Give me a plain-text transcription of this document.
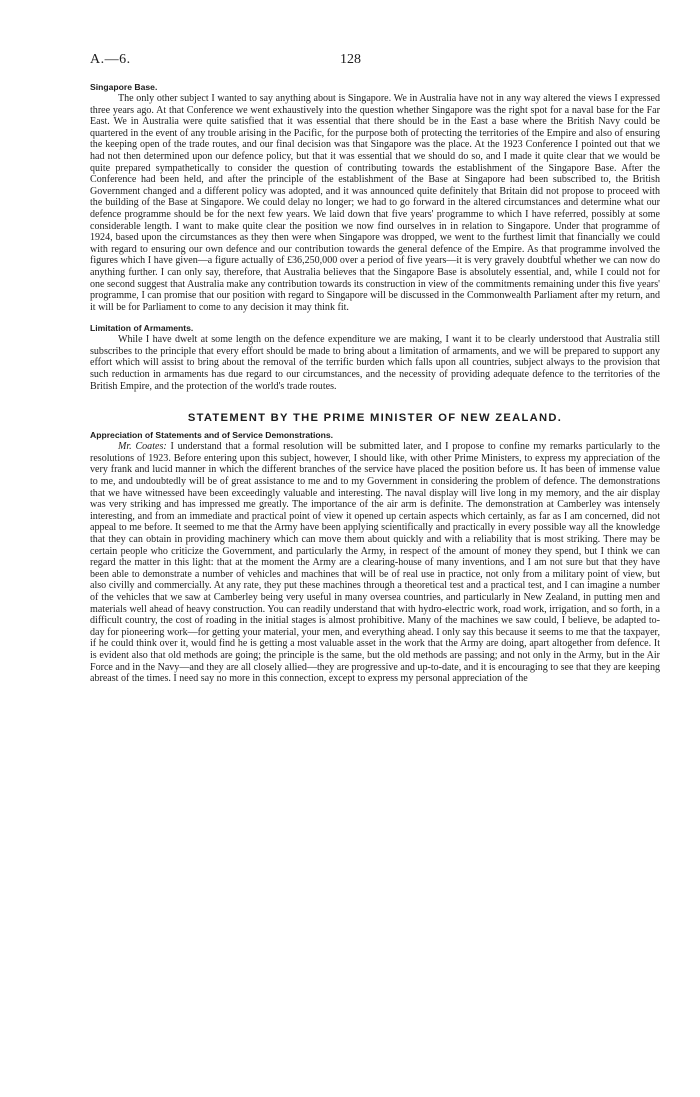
A.—6.	128
Singapore Base.

The only other subject I wanted to say anything about is Singapore. We in Australia have not in any way altered the views I expressed three years ago. At that Conference we went exhaustively into the question whether Singapore was the right spot for a naval base for the Far East. We in Australia were quite satisfied that it was essential that there should be in the East a base where the British Navy could be quartered in the event of any trouble arising in the Pacific, for the purpose both of protecting the territories of the Empire and also of ensuring the keeping open of the trade routes, and our final decision was that Singapore was the place. At the 1923 Conference I pointed out that we had not then determined upon our defence policy, but that it was essential that we should do so, and I made it quite clear that we would be quite prepared sympathetically to consider the question of contributing towards the establishment of the Singapore Base. After the Conference had been held, and after the principle of the establishment of the Base at Singapore had been subscribed to, the British Government changed and a different policy was adopted, and it was announced quite definitely that Britain did not propose to proceed with the building of the Base at Singapore. We could delay no longer; we had to go forward in the altered circumstances and determine what our defence programme should be for the next few years. We laid down that five years' programme to which I have referred, possibly at some considerable length. I want to make quite clear the position we now find ourselves in in relation to Singapore. Under that programme of 1924, based upon the circumstances as they then were when Singapore was dropped, we went to the furthest limit that financially we could with regard to ensuring our own defence and our contribution towards the general defence of the Empire. As that programme involved the figures which I have given—a figure actually of £36,250,000 over a period of five years—it is very gravely doubtful whether we can now do anything further. I can only say, therefore, that Australia believes that the Singapore Base is absolutely essential, and, while I could not for one second suggest that Australia make any contribution towards its construction in view of the commitments remaining under this five years' programme, I can promise that our position with regard to Singapore will be discussed in the Commonwealth Parliament after my return, and it will be for Parliament to come to any decision it may think fit.

Limitation of Armaments.

While I have dwelt at some length on the defence expenditure we are making, I want it to be clearly understood that Australia still subscribes to the principle that every effort should be made to bring about a limitation of armaments, and we will be prepared to support any effort which will assist to bring about the removal of the terrific burden which falls upon all countries, subject always to the provision that such reduction in armaments has due regard to our circumstances, and the necessity of providing adequate defence to the territories of the British Empire, and the protection of the world's trade routes.

STATEMENT BY THE PRIME MINISTER OF NEW ZEALAND.
Appreciation of Statements and of Service Demonstrations.

Mr. Coates: I understand that a formal resolution will be submitted later, and I propose to confine my remarks particularly to the resolutions of 1923. Before entering upon this subject, however, I should like, with other Prime Ministers, to express my appreciation of the very frank and lucid manner in which the different branches of the service have placed the position before us. It has been of immense value to me, and undoubtedly will be of great assistance to me and to my Government in considering the problem of defence. The demonstrations that we have witnessed have been exceedingly valuable and interesting. The naval display will live long in my memory, and the air display was very striking and has impressed me greatly. The importance of the air arm is definite. The demonstration at Camberley was intensely interesting, and from an immediate and practical point of view it opened up certain aspects which certainly, as far as I am concerned, did not appeal to me before. It seemed to me that the Army have been applying scientifically and practically in every possible way all the knowledge that they can obtain in providing machinery which can move them about quickly and with a reliability that is most striking. There may be certain people who criticize the Government, and particularly the Army, in respect of the amount of money they spend, but I think we can regard the matter in this light: that at the moment the Army are a clearing-house of many inventions, and I am not sure but that they have been able to demonstrate a number of vehicles and machines that will be of real use in practice, not only from a military point of view, but also civilly and commercially. At any rate, they put these machines through a theoretical test and a practical test, and I can imagine a number of the vehicles that we saw at Camberley being very useful in many oversea countries, and particularly in New Zealand, in putting men and materials well ahead of heavy construction. You can readily understand that with hydro-electric work, road work, irrigation, and so forth, in a difficult country, the cost of roading in the initial stages is almost prohibitive. Many of the machines we saw could, I believe, be adapted to-day for pioneering work—for getting your material, your men, and everything ahead. I only say this because it seems to me that the taxpayer, if he could think over it, would find he is getting a most valuable asset in the work that the Army are doing, apart altogether from defence. It is evident also that old methods are going; the principle is the same, but the old methods are passing; and not only in the Army, but in the Air Force and in the Navy—and they are all closely allied—they are progressive and up-to-date, and it is encouraging to see that they are keeping abreast of the times. I need say no more in this connection, except to express my personal appreciation of the
